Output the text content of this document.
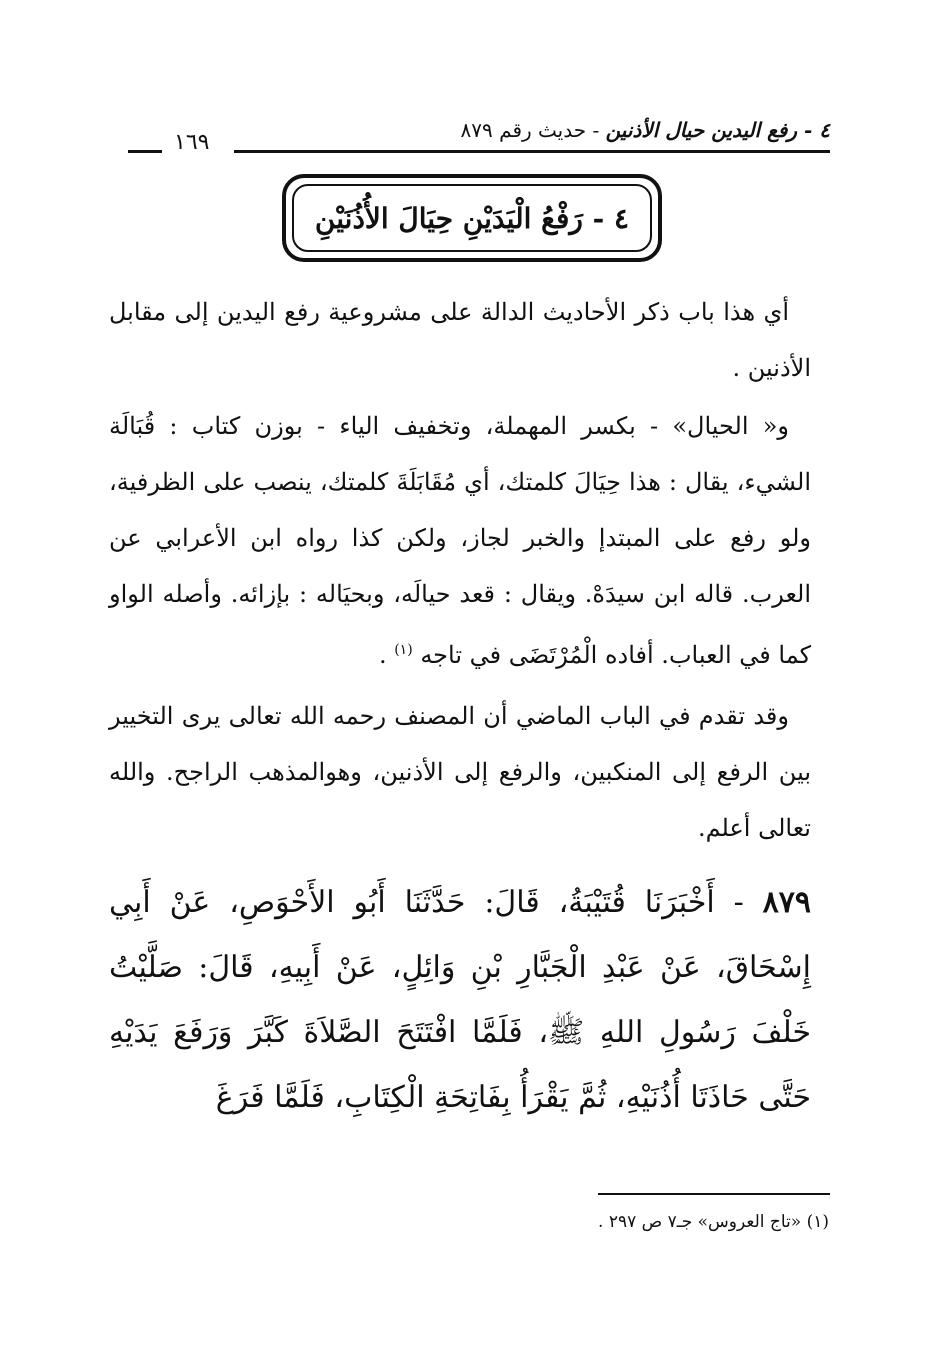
٤ - رفع اليدين حيال الأذنين - حديث رقم ٨٧٩
١٦٩
٤ - رَفْعُ الْيَدَيْنِ حِيَالَ الأُذُنَيْنِ

أي هذا باب ذكر الأحاديث الدالة على مشروعية رفع اليدين إلى مقابل الأذنين .

و« الحيال» - بكسر المهملة، وتخفيف الياء - بوزن كتاب : قُبَالَة الشيء، يقال : هذا حِيَالَ كلمتك، أي مُقَابَلَةَ كلمتك، ينصب على الظرفية، ولو رفع على المبتدإ والخبر لجاز، ولكن كذا رواه ابن الأعرابي عن العرب. قاله ابن سيدَهْ. ويقال : قعد حيالَه، وبحيَاله : بإزائه. وأصله الواو كما في العباب. أفاده الْمُرْتَضَى في تاجه $^{(١)}$ .

وقد تقدم في الباب الماضي أن المصنف رحمه الله تعالى يرى التخيير بين الرفع إلى المنكبين، والرفع إلى الأذنين، وهوالمذهب الراجح. والله تعالى أعلم.

٨٧٩ - أَخْبَرَنَا قُتَيْبَةُ، قَالَ: حَدَّثَنَا أَبُو الأَحْوَصِ، عَنْ أَبِي إِسْحَاقَ، عَنْ عَبْدِ الْجَبَّارِ بْنِ وَائِلٍ، عَنْ أَبِيهِ، قَالَ: صَلَّيْتُ خَلْفَ رَسُولِ اللهِ ﷺ، فَلَمَّا افْتَتَحَ الصَّلاَةَ كَبَّرَ وَرَفَعَ يَدَيْهِ حَتَّى حَاذَتَا أُذُنَيْهِ، ثُمَّ يَقْرَأُ بِفَاتِحَةِ الْكِتَابِ، فَلَمَّا فَرَغَ

(١) «تاج العروس» جـ٧ ص ٢٩٧ .
